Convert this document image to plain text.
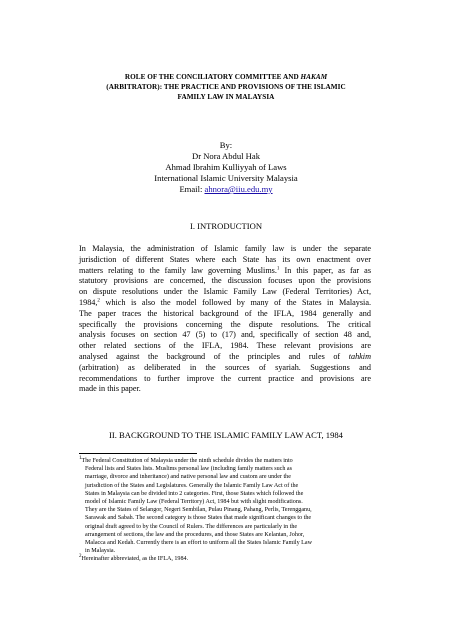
ROLE OF THE CONCILIATORY COMMITTEE AND HAKAM
(ARBITRATOR): THE PRACTICE AND PROVISIONS OF THE ISLAMIC
FAMILY LAW IN MALAYSIA
By:
Dr Nora Abdul Hak
Ahmad Ibrahim Kulliyyah of Laws
International Islamic University Malaysia
Email: ahnora@iiu.edu.my
I. INTRODUCTION
In Malaysia, the administration of Islamic family law is under the separate
jurisdiction of different States where each State has its own enactment over
matters relating to the family law governing Muslims.$^1$ In this paper, as far as
statutory provisions are concerned, the discussion focuses upon the provisions
on dispute resolutions under the Islamic Family Law (Federal Territories) Act,
1984,$^2$ which is also the model followed by many of the States in Malaysia.
The paper traces the historical background of the IFLA, 1984 generally and
specifically the provisions concerning the dispute resolutions. The critical
analysis focuses on section 47 (5) to (17) and, specifically of section 48 and,
other related sections of the IFLA, 1984. These relevant provisions are
analysed against the background of the principles and rules of tahkim
(arbitration) as deliberated in the sources of syariah. Suggestions and
recommendations to further improve the current practice and provisions are
made in this paper.
II. BACKGROUND TO THE ISLAMIC FAMILY LAW ACT, 1984
$^1$The Federal Constitution of Malaysia under the ninth schedule divides the matters into
Federal lists and States lists. Muslims personal law (including family matters such as
marriage, divorce and inheritance) and native personal law and custom are under the
jurisdiction of the States and Legislatures. Generally the Islamic Family Law Act of the
States in Malaysia can be divided into 2 categories. First, those States which followed the
model of Islamic Family Law (Federal Territory) Act, 1984 but with slight modifications.
They are the States of Selangor, Negeri Sembilan, Pulau Pinang, Pahang, Perlis, Terengganu,
Sarawak and Sabah. The second category is those States that made significant changes to the
original draft agreed to by the Council of Rulers. The differences are particularly in the
arrangement of sections, the law and the procedures, and those States are Kelantan, Johor,
Malacca and Kedah. Currently there is an effort to uniform all the States Islamic Family Law
in Malaysia.
$^2$Hereinafter abbreviated, as the IFLA, 1984.
